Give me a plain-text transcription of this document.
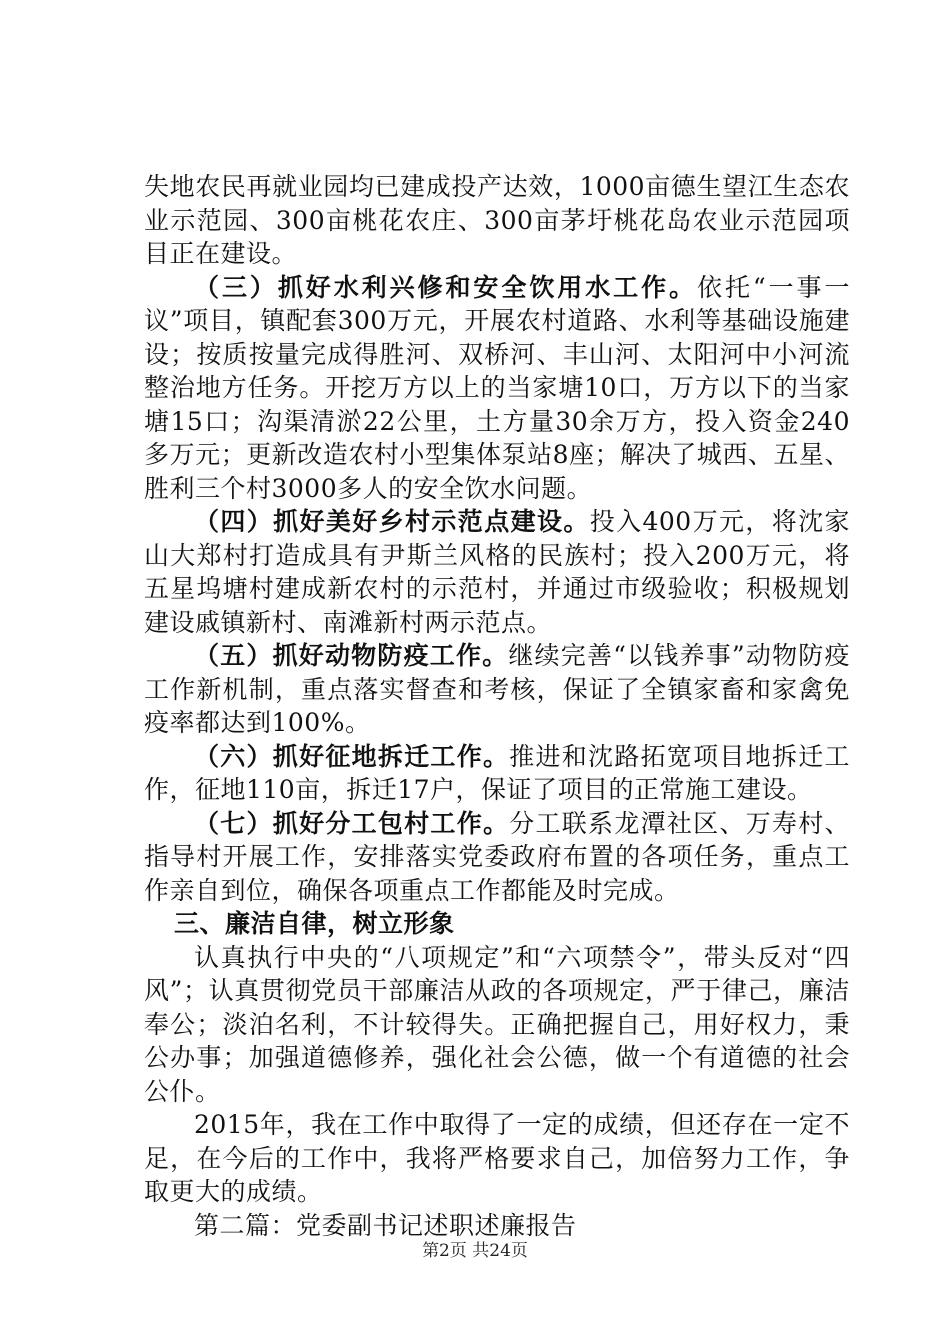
失地农民再就业园均已建成投产达效，1000亩德生望江生态农业示范园、300亩桃花农庄、300亩茅圩桃花岛农业示范园项目正在建设。

（三）抓好水利兴修和安全饮用水工作。依托“一事一议”项目，镇配套300万元，开展农村道路、水利等基础设施建设；按质按量完成得胜河、双桥河、丰山河、太阳河中小河流整治地方任务。开挖万方以上的当家塘10口，万方以下的当家塘15口；沟渠清淤22公里，土方量30余万方，投入资金240多万元；更新改造农村小型集体泵站8座；解决了城西、五星、胜利三个村3000多人的安全饮水问题。

（四）抓好美好乡村示范点建设。投入400万元，将沈家山大郑村打造成具有尹斯兰风格的民族村；投入200万元，将五星坞塘村建成新农村的示范村，并通过市级验收；积极规划建设戚镇新村、南滩新村两示范点。

（五）抓好动物防疫工作。继续完善“以钱养事”动物防疫工作新机制，重点落实督查和考核，保证了全镇家畜和家禽免疫率都达到100%。

（六）抓好征地拆迁工作。推进和沈路拓宽项目地拆迁工作，征地110亩，拆迁17户，保证了项目的正常施工建设。

（七）抓好分工包村工作。分工联系龙潭社区、万寿村、指导村开展工作，安排落实党委政府布置的各项任务，重点工作亲自到位，确保各项重点工作都能及时完成。

三、廉洁自律，树立形象

认真执行中央的“八项规定”和“六项禁令”，带头反对“四风”；认真贯彻党员干部廉洁从政的各项规定，严于律己，廉洁奉公；淡泊名利，不计较得失。正确把握自己，用好权力，秉公办事；加强道德修养，强化社会公德，做一个有道德的社会公仆。

2015年，我在工作中取得了一定的成绩，但还存在一定不足，在今后的工作中，我将严格要求自己，加倍努力工作，争取更大的成绩。

第二篇：党委副书记述职述廉报告

第2页 共24页
